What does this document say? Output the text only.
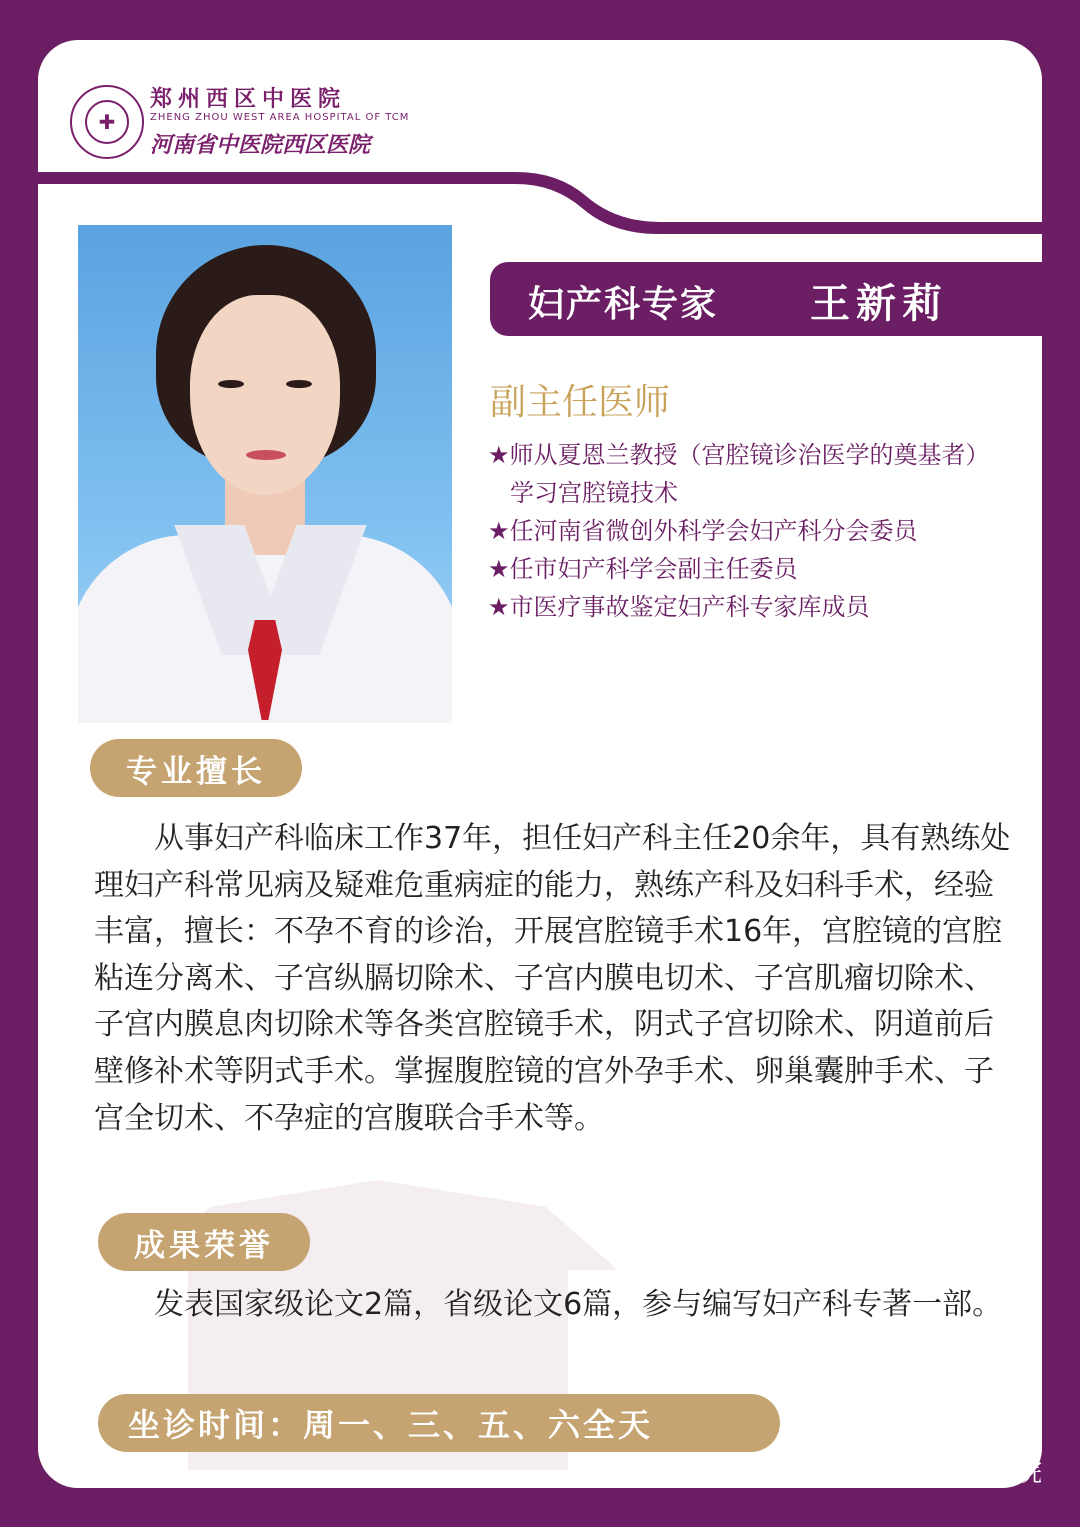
✚
郑州西区中医院
ZHENG ZHOU WEST AREA HOSPITAL OF TCM
河南省中医院西区医院
妇产科专家 王新莉
副主任医师
★师从夏恩兰教授（宫腔镜诊治医学的奠基者）
学习宫腔镜技术
★任河南省微创外科学会妇产科分会委员
★任市妇产科学会副主任委员
★市医疗事故鉴定妇产科专家库成员
专业擅长

从事妇产科临床工作37年，担任妇产科主任20余年，具有熟练处理妇产科常见病及疑难危重病症的能力，熟练产科及妇科手术，经验丰富，擅长：不孕不育的诊治，开展宫腔镜手术16年，宫腔镜的宫腔粘连分离术、子宫纵膈切除术、子宫内膜电切术、子宫肌瘤切除术、子宫内膜息肉切除术等各类宫腔镜手术，阴式子宫切除术、阴道前后壁修补术等阴式手术。掌握腹腔镜的宫外孕手术、卵巢囊肿手术、子宫全切术、不孕症的宫腹联合手术等。

成果荣誉

发表国家级论文2篇，省级论文6篇，参与编写妇产科专著一部。

坐诊时间：周一、三、五、六全天
郑州西区中医院
